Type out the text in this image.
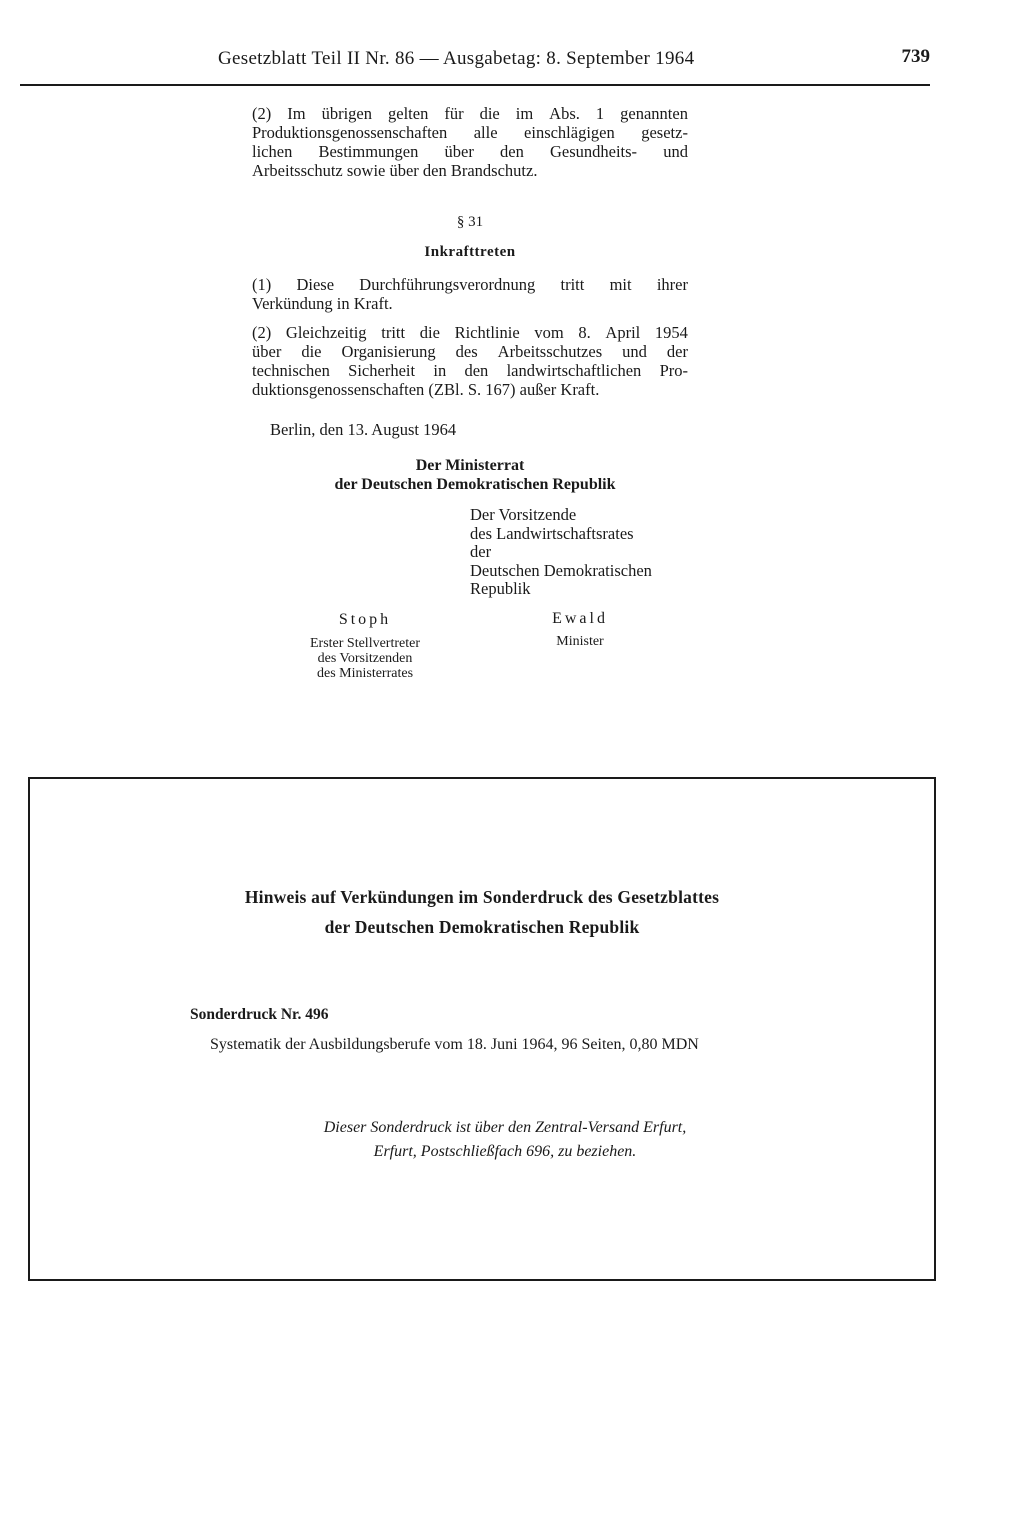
Gesetzblatt Teil II Nr. 86 — Ausgabetag: 8. September 1964	739
(2) Im übrigen gelten für die im Abs. 1 genannten
Produktionsgenossenschaften alle einschlägigen gesetz-
lichen Bestimmungen über den Gesundheits- und
Arbeitsschutz sowie über den Brandschutz.
§ 31
Inkrafttreten
(1) Diese Durchführungsverordnung tritt mit ihrer
Verkündung in Kraft.
(2) Gleichzeitig tritt die Richtlinie vom 8. April 1954
über die Organisierung des Arbeitsschutzes und der
technischen Sicherheit in den landwirtschaftlichen Pro-
duktionsgenossenschaften (ZBl. S. 167) außer Kraft.
Berlin, den 13. August 1964
Der Ministerrat
der Deutschen Demokratischen Republik
Der Vorsitzende
des Landwirtschaftsrates
der
Deutschen Demokratischen
Republik
Stoph
Erster Stellvertreter
des Vorsitzenden
des Ministerrates
Ewald
Minister
Hinweis auf Verkündungen im Sonderdruck des Gesetzblattes
der Deutschen Demokratischen Republik
Sonderdruck Nr. 496
Systematik der Ausbildungsberufe vom 18. Juni 1964, 96 Seiten, 0,80 MDN
Dieser Sonderdruck ist über den Zentral-Versand Erfurt,
Erfurt, Postschließfach 696, zu beziehen.
